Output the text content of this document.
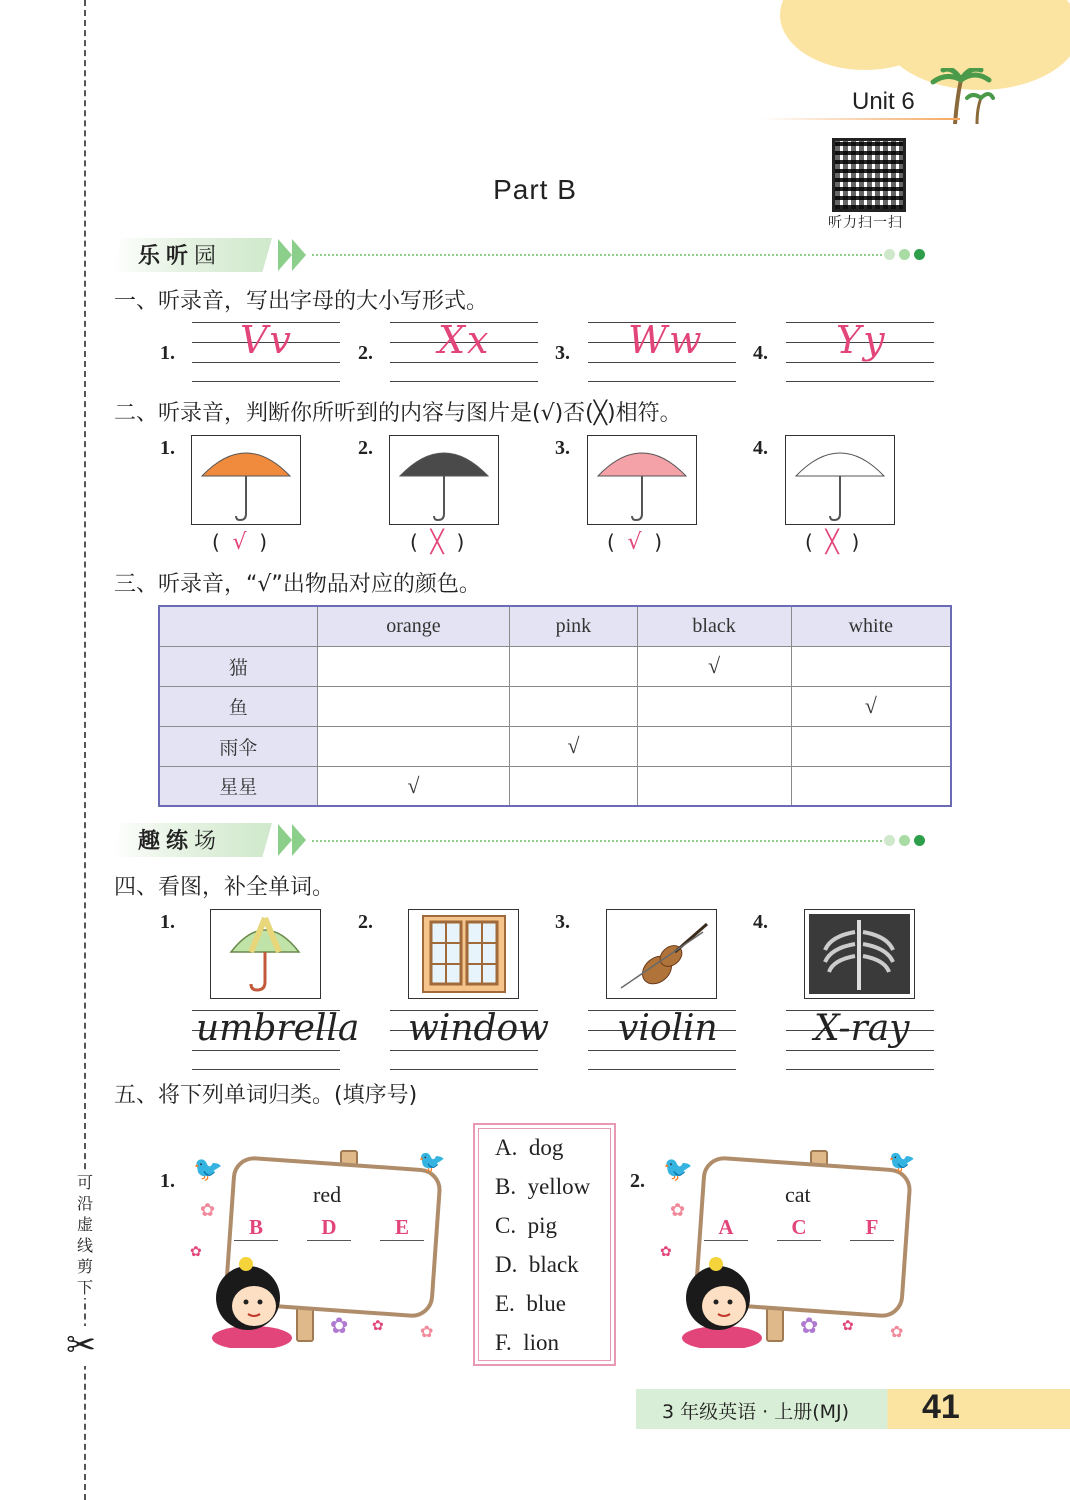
可沿虚线剪下
✂
Unit 6
听力扫一扫
Part B
乐听园
一、听录音，写出字母的大小写形式。
1. Vv	2. Xx	3. Ww 4. Yy
二、听录音，判断你所听到的内容与图片是(√)否(╳)相符。
1.
(  √  )
2.
(  ╳  )
3.
(  √  )
4.
(  ╳  )
三、听录音，“√”出物品对应的颜色。
	orange	pink	black	white
猫			√	
鱼				√
雨伞		√		
星星	√			
趣练场
四、看图，补全单词。
1.
umbrella
2.
window
3.
violin
4.
X-ray
五、将下列单词归类。(填序号)
1.
red
B	D	E
🐦	🐦
✿
✿
✿ ✿ ✿
A. dog
B. yellow
C. pig
D. black
E. blue
F. lion
2.
cat
A	C	F
🐦	🐦
✿
✿
✿ ✿ ✿
3 年级英语 · 上册(MJ) 41
